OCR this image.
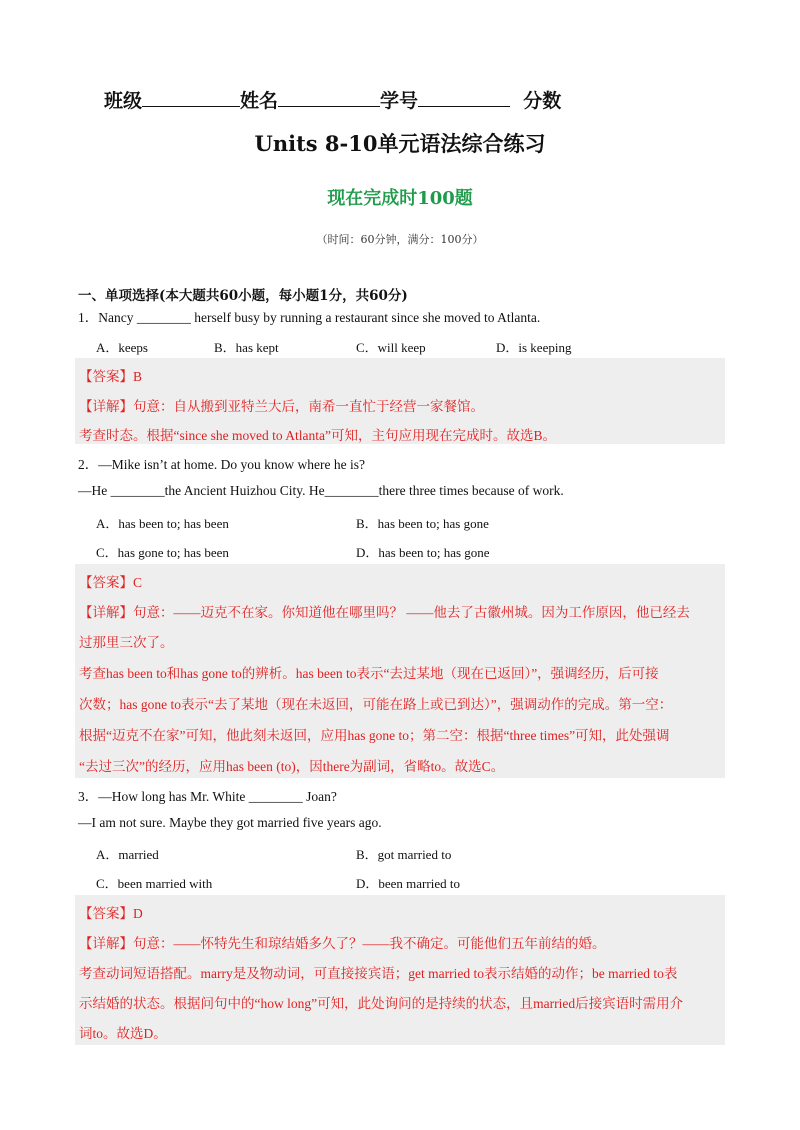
班级	姓名	学号	分数
Units 8-10单元语法综合练习
现在完成时100题
（时间：60分钟，满分：100分）
一、单项选择(本大题共60小题，每小题1分，共60分)
1．Nancy ________ herself busy by running a restaurant since she moved to Atlanta.
A．keeps	B．has kept	C．will keep	D．is keeping
【答案】B
【详解】句意：自从搬到亚特兰大后，南希一直忙于经营一家餐馆。
考查时态。根据“since she moved to Atlanta”可知，主句应用现在完成时。故选B。
2．—Mike isn’t at home. Do you know where he is?
—He ________the Ancient Huizhou City. He________there three times because of work.
A．has been to; has been	B．has been to; has gone
C．has gone to; has been	D．has been to; has gone
【答案】C
【详解】句意：——迈克不在家。你知道他在哪里吗？ ——他去了古徽州城。因为工作原因，他已经去
过那里三次了。
考查has been to和has gone to的辨析。has been to表示“去过某地（现在已返回）”，强调经历，后可接
次数；has gone to表示“去了某地（现在未返回，可能在路上或已到达）”，强调动作的完成。第一空：
根据“迈克不在家”可知，他此刻未返回，应用has gone to；第二空：根据“three times”可知，此处强调
“去过三次”的经历，应用has been (to)，因there为副词，省略to。故选C。
3．—How long has Mr. White ________ Joan?
—I am not sure. Maybe they got married five years ago.
A．married	B．got married to
C．been married with	D．been married to
【答案】D
【详解】句意：——怀特先生和琼结婚多久了？——我不确定。可能他们五年前结的婚。
考查动词短语搭配。marry是及物动词，可直接接宾语；get married to表示结婚的动作；be married to表
示结婚的状态。根据问句中的“how long”可知，此处询问的是持续的状态，且married后接宾语时需用介
词to。故选D。
